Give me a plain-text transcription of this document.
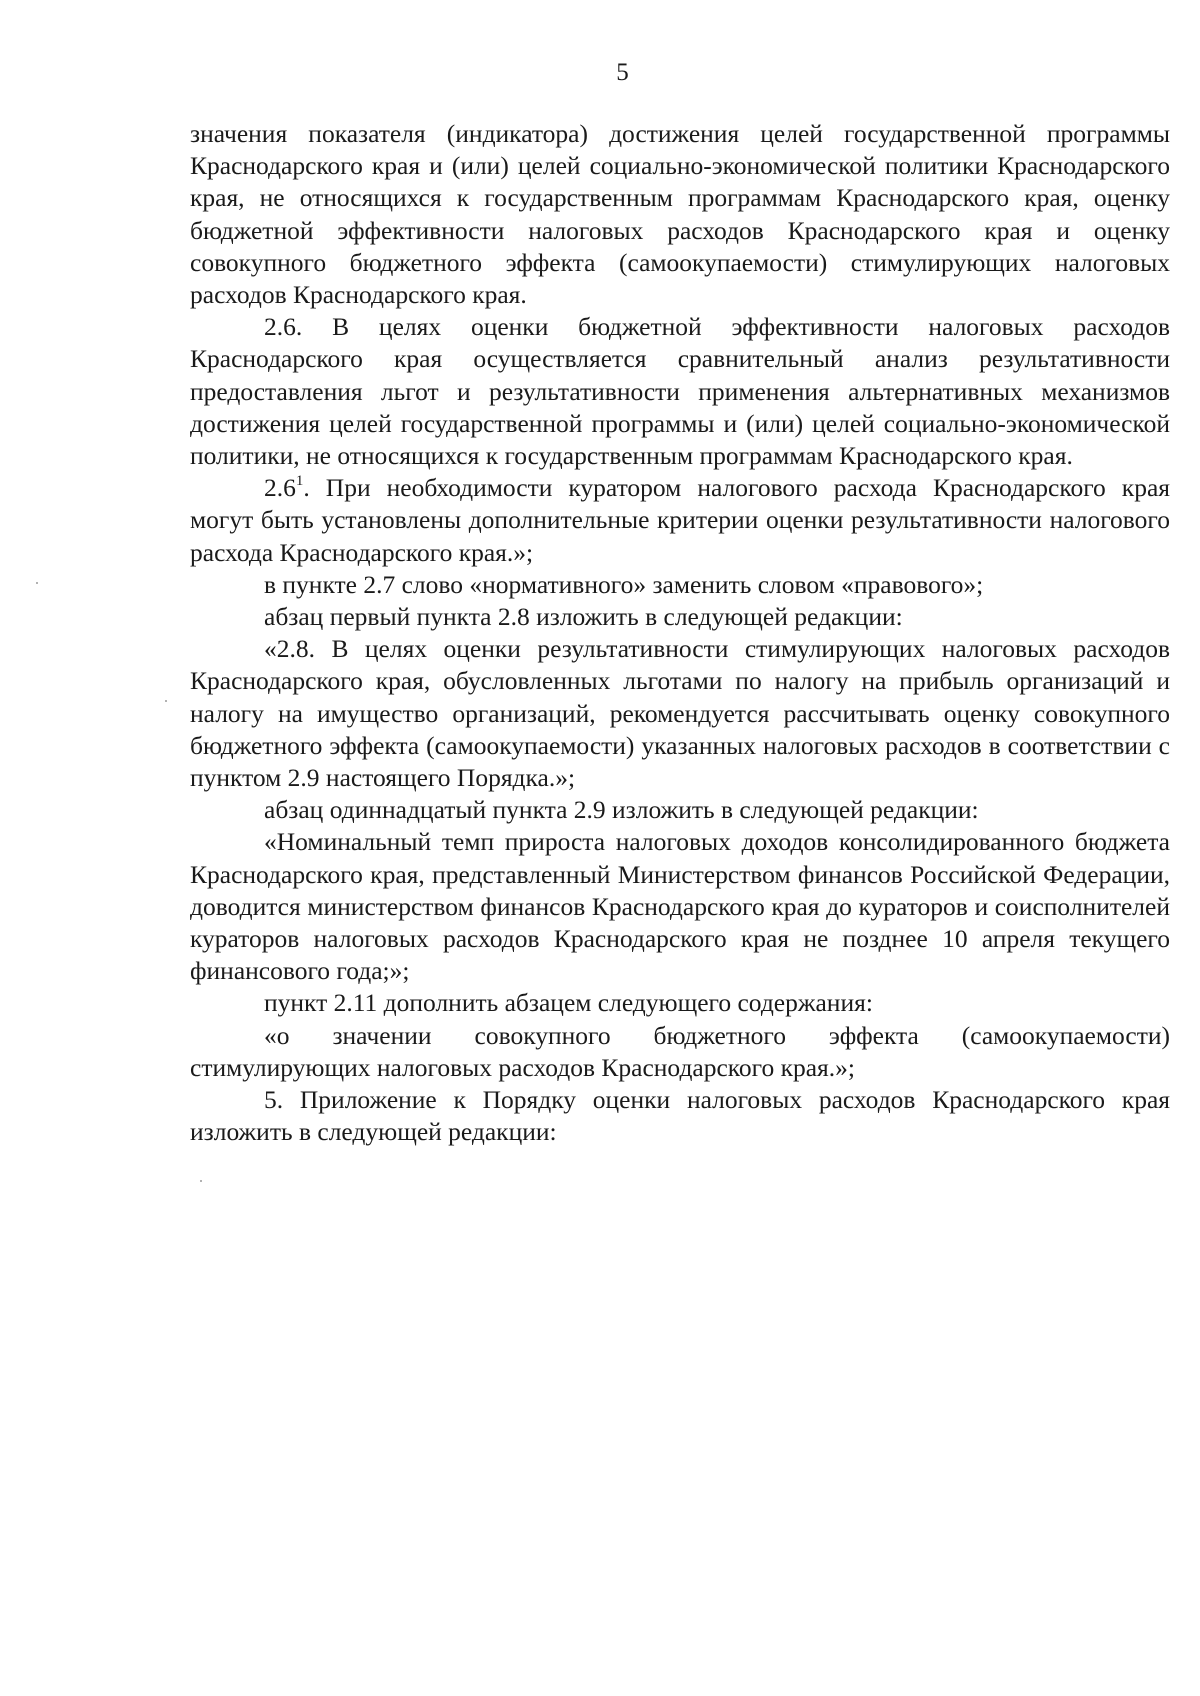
5

значения показателя (индикатора) достижения целей государственной программы Краснодарского края и (или) целей социально-экономической политики Краснодарского края, не относящихся к государственным программам Краснодарского края, оценку бюджетной эффективности налоговых расходов Краснодарского края и оценку совокупного бюджетного эффекта (самоокупаемости) стимулирующих налоговых расходов Краснодарского края.

2.6. В целях оценки бюджетной эффективности налоговых расходов Краснодарского края осуществляется сравнительный анализ результативности предоставления льгот и результативности применения альтернативных механизмов достижения целей государственной программы и (или) целей социально-экономической политики, не относящихся к государственным программам Краснодарского края.

$2.6^1$. При необходимости куратором налогового расхода Краснодарского края могут быть установлены дополнительные критерии оценки результативности налогового расхода Краснодарского края.»;

в пункте 2.7 слово «нормативного» заменить словом «правового»;

абзац первый пункта 2.8 изложить в следующей редакции:

«2.8. В целях оценки результативности стимулирующих налоговых расходов Краснодарского края, обусловленных льготами по налогу на прибыль организаций и налогу на имущество организаций, рекомендуется рассчитывать оценку совокупного бюджетного эффекта (самоокупаемости) указанных налоговых расходов в соответствии с пунктом 2.9 настоящего Порядка.»;

абзац одиннадцатый пункта 2.9 изложить в следующей редакции:

«Номинальный темп прироста налоговых доходов консолидированного бюджета Краснодарского края, представленный Министерством финансов Российской Федерации, доводится министерством финансов Краснодарского края до кураторов и соисполнителей кураторов налоговых расходов Краснодарского края не позднее 10 апреля текущего финансового года;»;

пункт 2.11 дополнить абзацем следующего содержания:

«о значении совокупного бюджетного эффекта (самоокупаемости) стимулирующих налоговых расходов Краснодарского края.»;

5. Приложение к Порядку оценки налоговых расходов Краснодарского края изложить в следующей редакции:
